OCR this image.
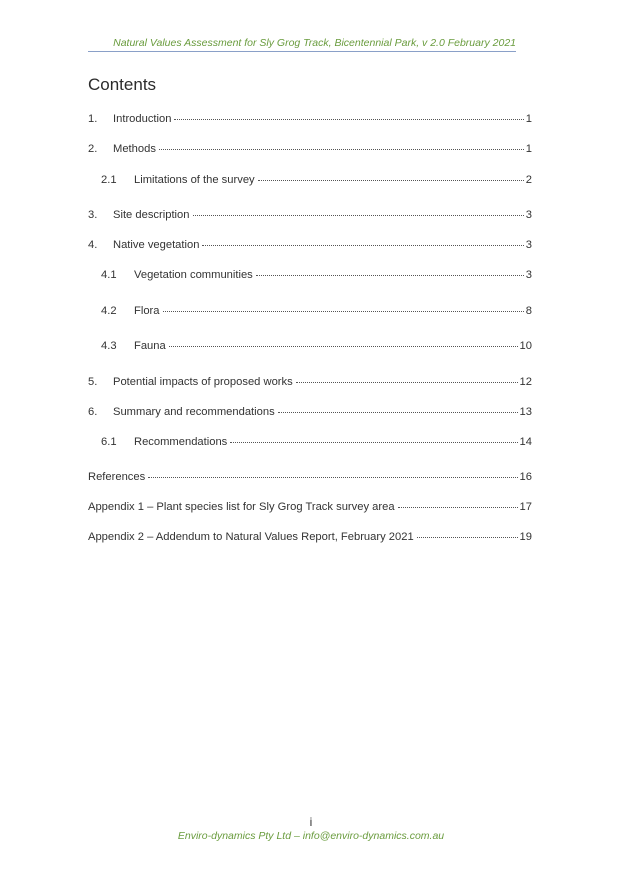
Natural Values Assessment for Sly Grog Track, Bicentennial Park, v 2.0 February 2021
Contents
1.	Introduction	1
2.	Methods	1
2.1	Limitations of the survey	2
3.	Site description	3
4.	Native vegetation	3
4.1	Vegetation communities	3
4.2	Flora	8
4.3	Fauna	10
5.	Potential impacts of proposed works	12
6.	Summary and recommendations	13
6.1	Recommendations	14
References	16
Appendix 1 – Plant species list for Sly Grog Track survey area	17
Appendix 2 – Addendum to Natural Values Report, February 2021	19
i
Enviro-dynamics Pty Ltd – info@enviro-dynamics.com.au
